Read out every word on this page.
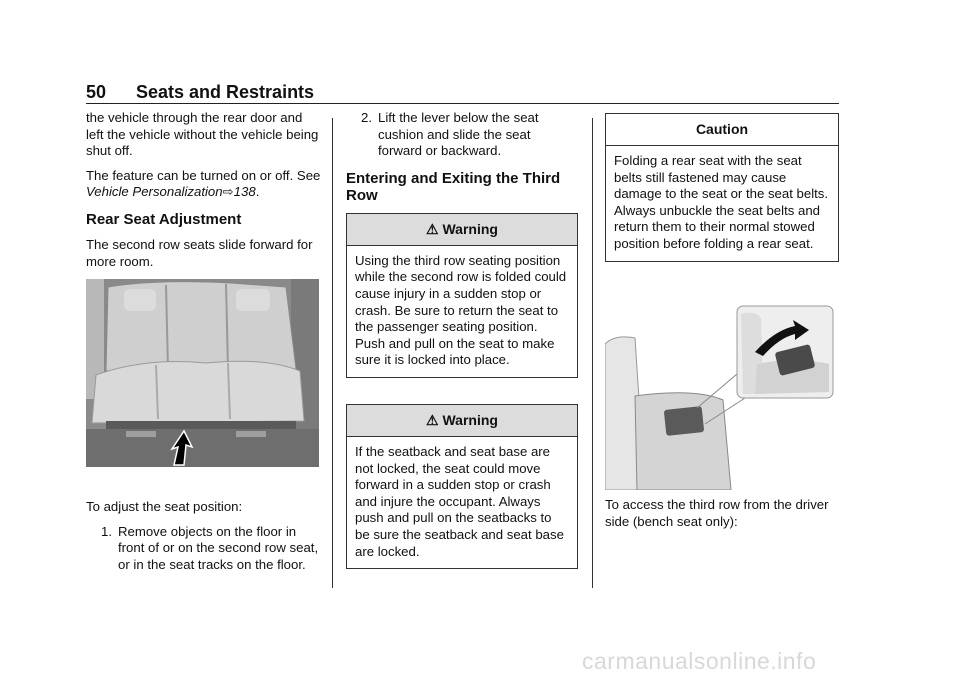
50 Seats and Restraints

the vehicle through the rear door and left the vehicle without the vehicle being shut off.

The feature can be turned on or off. See Vehicle Personalization⇨138.

Rear Seat Adjustment

The second row seats slide forward for more room.

To adjust the seat position:

1. Remove objects on the floor in front of or on the second row seat, or in the seat tracks on the floor.
2. Lift the lever below the seat cushion and slide the seat forward or backward.
Entering and Exiting the Third Row
⚠ Warning
Using the third row seating position while the second row is folded could cause injury in a sudden stop or crash. Be sure to return the seat to the passenger seating position. Push and pull on the seat to make sure it is locked into place.
⚠ Warning
If the seatback and seat base are not locked, the seat could move forward in a sudden stop or crash and injure the occupant. Always push and pull on the seatbacks to be sure the seatback and seat base are locked.
Caution
Folding a rear seat with the seat belts still fastened may cause damage to the seat or the seat belts. Always unbuckle the seat belts and return them to their normal stowed position before folding a rear seat.

To access the third row from the driver side (bench seat only):

carmanualsonline.info
